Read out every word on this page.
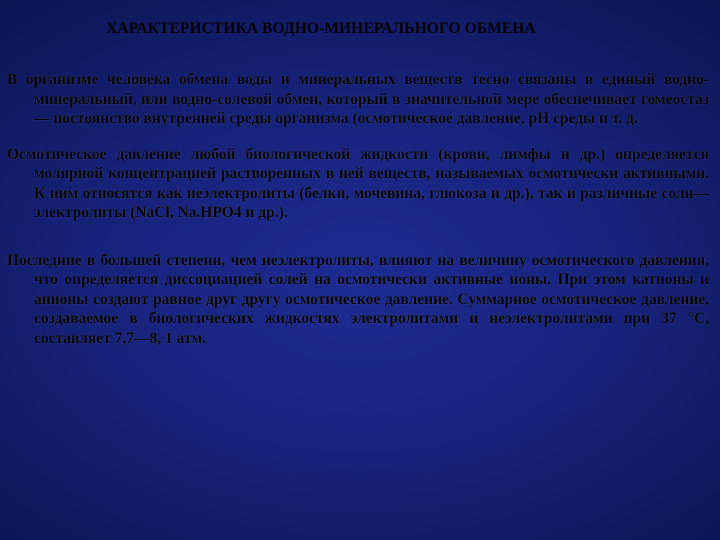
ХАРАКТЕРИСТИКА ВОДНО-МИНЕРАЛЬНОГО ОБМЕНА

В организме человека обмена воды и минеральных веществ тесно связаны в единый водно-минеральный, или водно-солевой обмен, который в значительной мере обеспечивает гомеостаз — постоянство внутренней среды организма (осмотическое давление, pH среды и т. д.

Осмотическое давление любой биологической жидкости (крови, лимфы и др.) определяется молярной концентрацией растворенных в ней веществ, называемых осмотически активными. К ним относятся как неэлектролиты (белки, мочевина, глюкоза и др.), так и различные соли— электролиты (NaCl, Na.HPO4 и др.).

Последние в большей степени, чем неэлектролиты, влияют на величину осмотического давления, что определяется диссоциацией солей на осмотически активные ионы. При этом катионы и анионы создают равное друг другу осмотическое давление. Суммарное осмотическое давление, создаваемое в биологических жидкостях электролитами и неэлектролитами при 37 °С, составляет 7,7—8, 1 атм.
